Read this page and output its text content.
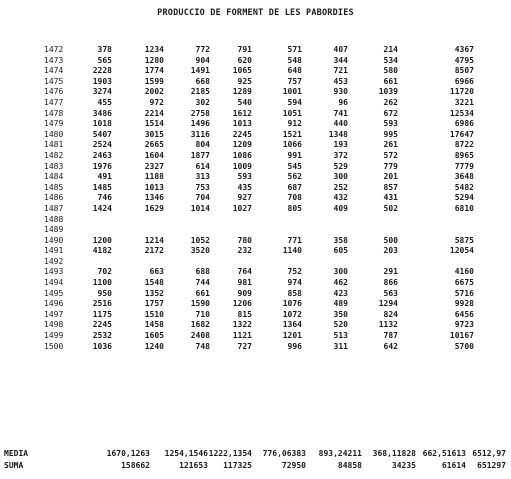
PRODUCCIO DE FORMENT DE LES PABORDIES
1472	378	1234	772	791	571	407	214	4367
1473	565	1280	904	620	548	344	534	4795
1474	2228	1774	1491	1065	648	721	580	8507
1475	1903	1599	668	925	757	453	661	6966
1476	3274	2002	2185	1289	1001	930	1039	11720
1477	455	972	302	540	594	96	262	3221
1478	3486	2214	2758	1612	1051	741	672	12534
1479	1018	1514	1496	1013	912	440	593	6986
1480	5407	3015	3116	2245	1521	1348	995	17647
1481	2524	2665	804	1209	1066	193	261	8722
1482	2463	1604	1877	1086	991	372	572	8965
1483	1976	2327	614	1009	545	529	779	7779
1484	491	1188	313	593	562	300	201	3648
1485	1485	1013	753	435	687	252	857	5482
1486	746	1346	704	927	708	432	431	5294
1487	1424	1629	1014	1027	805	409	502	6810
1488
1489
1490	1200	1214	1052	780	771	358	500	5875
1491	4182	2172	3520	232	1140	605	203	12054
1492
1493	702	663	688	764	752	300	291	4160
1494	1100	1548	744	981	974	462	866	6675
1495	950	1352	661	909	858	423	563	5716
1496	2516	1757	1590	1206	1076	489	1294	9928
1497	1175	1510	710	815	1072	350	824	6456
1498	2245	1458	1682	1322	1364	520	1132	9723
1499	2532	1605	2408	1121	1201	513	787	10167
1500	1036	1240	748	727	996	311	642	5700
MEDIA	1670,1263	1254,1546 1222,1354	776,06383	893,24211	368,11828 662,51613 6512,97
SUMA	158662	121653	117325	72950	84858	34235	61614	651297
